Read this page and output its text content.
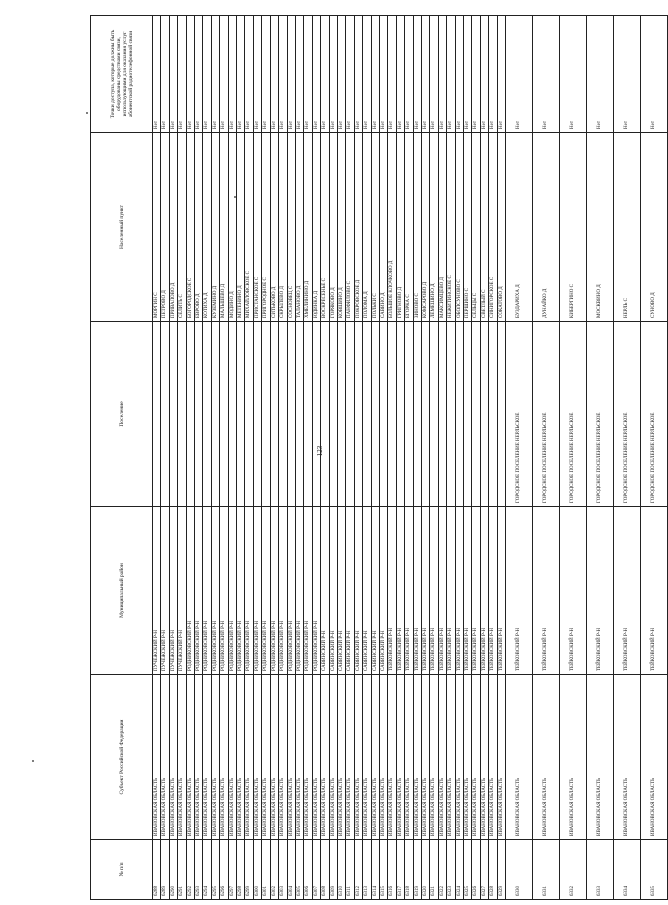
123
№ п/п	Субъект Российской Федерации	Муниципальный район	Поселение	Населенный пункт	Точки доступа, которые должны быть оборудованы средствами связи, использующими для оказания услуг абонентской радиотелефонной связи
6288	ИВАНОВСКАЯ ОБЛАСТЬ	ПУЧЕЖСКИЙ Р-Н		МОРГИН С	Нет
6289	ИВАНОВСКАЯ ОБЛАСТЬ	ПУЧЕЖСКИЙ Р-Н		ПЕТРОВО Д	Нет
6290	ИВАНОВСКАЯ ОБЛАСТЬ	ПУЧЕЖСКИЙ Р-Н		ПРИВАЛОВО Д	Нет
6291	ИВАНОВСКАЯ ОБЛАСТЬ	ПУЧЕЖСКИЙ Р-Н		СЕЛИТЬ С	Нет
6292	ИВАНОВСКАЯ ОБЛАСТЬ	РОДНИКОВСКИЙ Р-Н		БОГОРОДСКОЕ С	Нет
6293	ИВАНОВСКАЯ ОБЛАСТЬ	РОДНИКОВСКИЙ Р-Н		ЕВРОВО Д	Нет
6294	ИВАНОВСКАЯ ОБЛАСТЬ	РОДНИКОВСКИЙ Р-Н		КОТИХА Д	Нет
6295	ИВАНОВСКАЯ ОБЛАСТЬ	РОДНИКОВСКИЙ Р-Н		КУЗЕМИНО Д	Нет
6296	ИВАНОВСКАЯ ОБЛАСТЬ	РОДНИКОВСКИЙ Р-Н		МАЛЬШЕВО Д	Нет
6297	ИВАНОВСКАЯ ОБЛАСТЬ	РОДНИКОВСКИЙ Р-Н		МОДИНО Д	Нет
6298	ИВАНОВСКАЯ ОБЛАСТЬ	РОДНИКОВСКИЙ Р-Н		МЕТЕНИНО Д	Нет
6299	ИВАНОВСКАЯ ОБЛАСТЬ	РОДНИКОВСКИЙ Р-Н		МИХАЙЛОВСКОЕ С	Нет
6300	ИВАНОВСКАЯ ОБЛАСТЬ	РОДНИКОВСКИЙ Р-Н		ПРИСТАНСКОЕ С	Нет
6301	ИВАНОВСКАЯ ОБЛАСТЬ	РОДНИКОВСКИЙ Р-Н		ПРИГОРОДНОЕ С	Нет
6302	ИВАНОВСКАЯ ОБЛАСТЬ	РОДНИКОВСКИЙ Р-Н		СИТЬКОВО Д	Нет
6303	ИВАНОВСКАЯ ОБЛАСТЬ	РОДНИКОВСКИЙ Р-Н		СКРЫЛЕВО Д	Нет
6304	ИВАНОВСКАЯ ОБЛАСТЬ	РОДНИКОВСКИЙ Р-Н		СОСНОВЕЦ С	Нет
6305	ИВАНОВСКАЯ ОБЛАСТЬ	РОДНИКОВСКИЙ Р-Н		ТАЛАНОВО Д	Нет
6306	ИВАНОВСКАЯ ОБЛАСТЬ	РОДНИКОВСКИЙ Р-Н		ХМЕЛИНИНО Д	Нет
6307	ИВАНОВСКАЯ ОБЛАСТЬ	РОДНИКОВСКИЙ Р-Н		ЮДИНКА Д	Нет
6308	ИВАНОВСКАЯ ОБЛАСТЬ	САВИНСКИЙ Р-Н		ВОСКРЕСЕНЬЕ С	Нет
6309	ИВАНОВСКАЯ ОБЛАСТЬ	САВИНСКИЙ Р-Н		ГОРЯКОВО Д	Нет
6310	ИВАНОВСКАЯ ОБЛАСТЬ	САВИНСКИЙ Р-Н		КОВШИНО Д	Нет
6311	ИВАНОВСКАЯ ОБЛАСТЬ	САВИНСКИЙ Р-Н		ПАНФИЛОВО С	Нет
6312	ИВАНОВСКАЯ ОБЛАСТЬ	САВИНСКИЙ Р-Н		ПОКРОВСКОЕ Д	Нет
6313	ИВАНОВСКАЯ ОБЛАСТЬ	САВИНСКИЙ Р-Н		ПОЛОМА Д	Нет
6314	ИВАНОВСКАЯ ОБЛАСТЬ	САВИНСКИЙ Р-Н		ПОЛЬКИ С	Нет
6315	ИВАНОВСКАЯ ОБЛАСТЬ	САВИНСКИЙ Р-Н		САВИНО Д	Нет
6316	ИВАНОВСКАЯ ОБЛАСТЬ	ТЕЙКОВСКИЙ Р-Н		БОЛЬШОЕ КЛОЧКОВО Д	Нет
6317	ИВАНОВСКАЯ ОБЛАСТЬ	ТЕЙКОВСКИЙ Р-Н		ГРИГНОВО Д	Нет
6318	ИВАНОВСКАЯ ОБЛАСТЬ	ТЕЙКОВСКИЙ Р-Н		ЕГОРКА С	Нет
6319	ИВАНОВСКАЯ ОБЛАСТЬ	ТЕЙКОВСКИЙ Р-Н		ЗИНОВО С	Нет
6320	ИВАНОВСКАЯ ОБЛАСТЬ	ТЕЙКОВСКИЙ Р-Н		КОМСАРОВО Д	Нет
6321	ИВАНОВСКАЯ ОБЛАСТЬ	ТЕЙКОВСКИЙ Р-Н		ЛЕМЕШИНО Д	Нет
6322	ИВАНОВСКАЯ ОБЛАСТЬ	ТЕЙКОВСКИЙ Р-Н		МАКСИМЦЕВО Д	Нет
6323	ИВАНОВСКАЯ ОБЛАСТЬ	ТЕЙКОВСКИЙ Р-Н		НЕЖИТИНСКОЕ С	Нет
6324	ИВАНОВСКАЯ ОБЛАСТЬ	ТЕЙКОВСКИЙ Р-Н		ОБОЛСУНОВО С	Нет
6325	ИВАНОВСКАЯ ОБЛАСТЬ	ТЕЙКОВСКИЙ Р-Н		ПЕРШИНО С	Нет
6326	ИВАНОВСКАЯ ОБЛАСТЬ	ТЕЙКОВСКИЙ Р-Н		СЕЛЬЦЫ С	Нет
6327	ИВАНОВСКАЯ ОБЛАСТЬ	ТЕЙКОВСКИЙ Р-Н		СВЕТЛЫЙ С	Нет
6328	ИВАНОВСКАЯ ОБЛАСТЬ	ТЕЙКОВСКИЙ Р-Н		СИНИГОРСКОЕ С	Нет
6329	ИВАНОВСКАЯ ОБЛАСТЬ	ТЕЙКОВСКИЙ Р-Н		СОКАТОВО Д	Нет
6330	ИВАНОВСКАЯ ОБЛАСТЬ	ТЕЙКОВСКИЙ Р-Н	ГОРОДСКОЕ ПОСЕЛЕНИЕ НЕРЛЬСКОЕ	БУЗДАРИХА Д	Нет
6331	ИВАНОВСКАЯ ОБЛАСТЬ	ТЕЙКОВСКИЙ Р-Н	ГОРОДСКОЕ ПОСЕЛЕНИЕ НЕРЛЬСКОЕ	ДУНАЙКО Д	Нет
6332	ИВАНОВСКАЯ ОБЛАСТЬ	ТЕЙКОВСКИЙ Р-Н	ГОРОДСКОЕ ПОСЕЛЕНИЕ НЕРЛЬСКОЕ	КИБЕРГИНО С	Нет
6333	ИВАНОВСКАЯ ОБЛАСТЬ	ТЕЙКОВСКИЙ Р-Н	ГОРОДСКОЕ ПОСЕЛЕНИЕ НЕРЛЬСКОЕ	МОСКВИНО Д	Нет
6334	ИВАНОВСКАЯ ОБЛАСТЬ	ТЕЙКОВСКИЙ Р-Н	ГОРОДСКОЕ ПОСЕЛЕНИЕ НЕРЛЬСКОЕ	НЕРЛЬ С	Нет
6335	ИВАНОВСКАЯ ОБЛАСТЬ	ТЕЙКОВСКИЙ Р-Н	ГОРОДСКОЕ ПОСЕЛЕНИЕ НЕРЛЬСКОЕ	СУНОВО Д	Нет
